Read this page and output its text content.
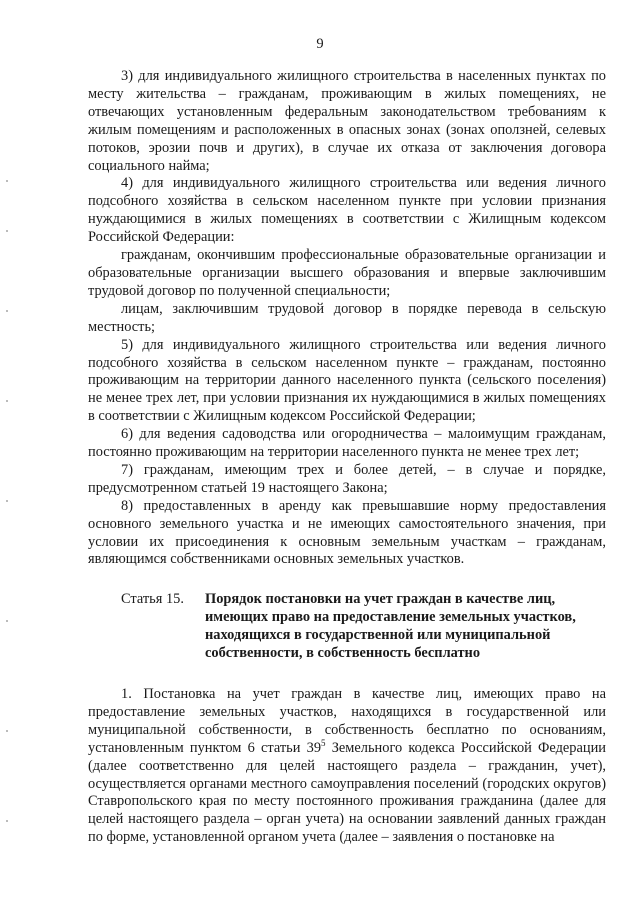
9

3) для индивидуального жилищного строительства в населенных пунктах по месту жительства – гражданам, проживающим в жилых помещениях, не отвечающих установленным федеральным законодательством требованиям к жилым помещениям и расположенных в опасных зонах (зонах оползней, селевых потоков, эрозии почв и других), в случае их отказа от заключения договора социального найма;

4) для индивидуального жилищного строительства или ведения личного подсобного хозяйства в сельском населенном пункте при условии признания нуждающимися в жилых помещениях в соответствии с Жилищным кодексом Российской Федерации:

гражданам, окончившим профессиональные образовательные организации и образовательные организации высшего образования и впервые заключившим трудовой договор по полученной специальности;

лицам, заключившим трудовой договор в порядке перевода в сельскую местность;

5) для индивидуального жилищного строительства или ведения личного подсобного хозяйства в сельском населенном пункте – гражданам, постоянно проживающим на территории данного населенного пункта (сельского поселения) не менее трех лет, при условии признания их нуждающимися в жилых помещениях в соответствии с Жилищным кодексом Российской Федерации;

6) для ведения садоводства или огородничества – малоимущим гражданам, постоянно проживающим на территории населенного пункта не менее трех лет;

7) гражданам, имеющим трех и более детей, – в случае и порядке, предусмотренном статьей 19 настоящего Закона;

8) предоставленных в аренду как превышавшие норму предоставления основного земельного участка и не имеющих самостоятельного значения, при условии их присоединения к основным земельным участкам – гражданам, являющимся собственниками основных земельных участков.

Статья 15.	Порядок постановки на учет граждан в качестве лиц, имеющих право на предоставление земельных участков, находящихся в государственной или муниципальной собственности, в собственность бесплатно

1. Постановка на учет граждан в качестве лиц, имеющих право на предоставление земельных участков, находящихся в государственной или муниципальной собственности, в собственность бесплатно по основаниям, установленным пунктом 6 статьи $39^5$ Земельного кодекса Российской Федерации (далее соответственно для целей настоящего раздела – гражданин, учет), осуществляется органами местного самоуправления поселений (городских округов) Ставропольского края по месту постоянного проживания гражданина (далее для целей настоящего раздела – орган учета) на основании заявлений данных граждан по форме, установленной органом учета (далее – заявления о постановке на
